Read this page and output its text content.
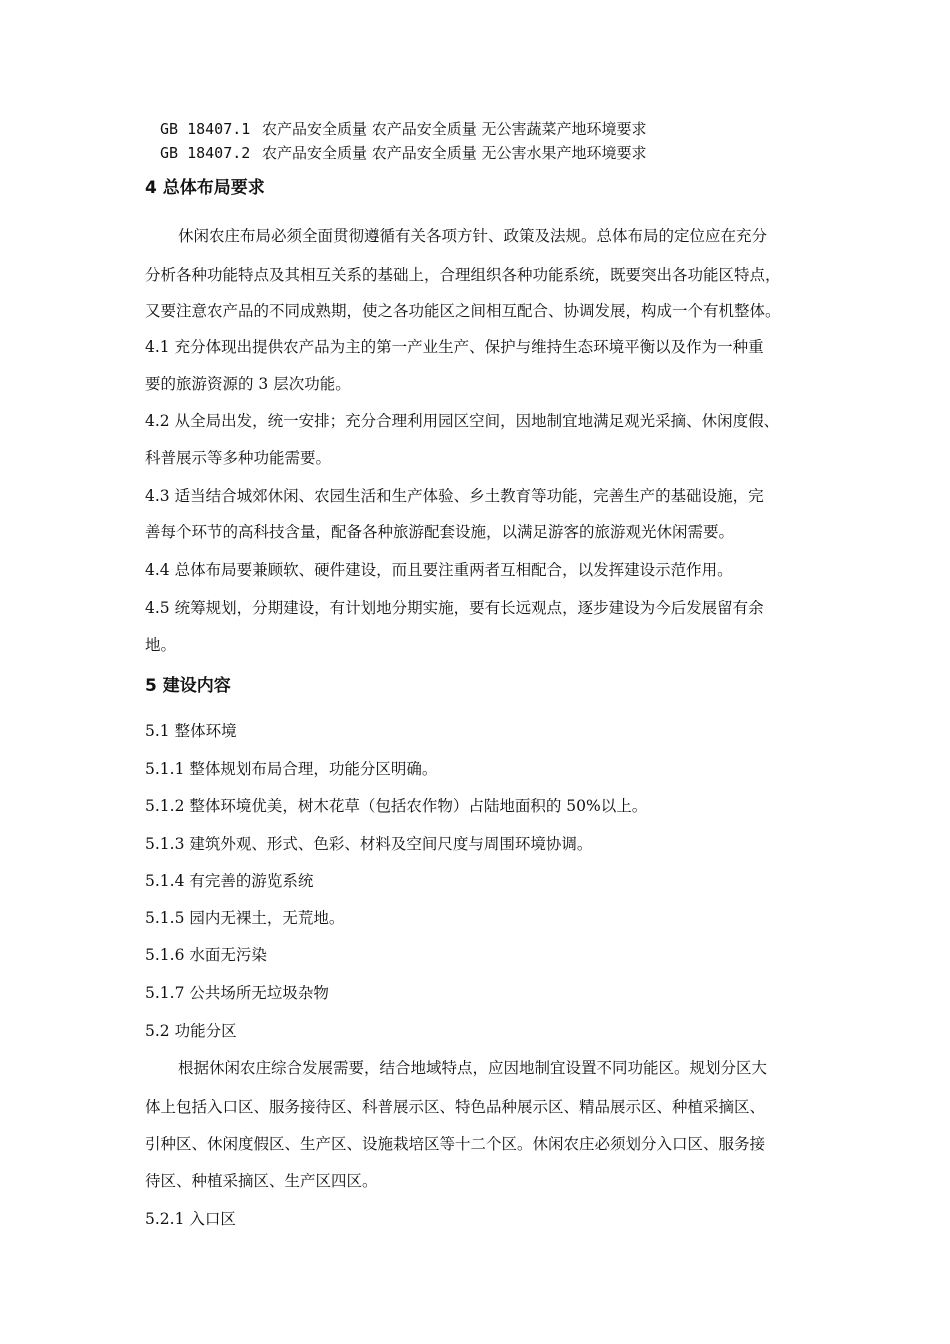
GB 18407.1 农产品安全质量 农产品安全质量 无公害蔬菜产地环境要求
GB 18407.2 农产品安全质量 农产品安全质量 无公害水果产地环境要求
4 总体布局要求
休闲农庄布局必须全面贯彻遵循有关各项方针、政策及法规。总体布局的定位应在充分
分析各种功能特点及其相互关系的基础上，合理组织各种功能系统，既要突出各功能区特点，
又要注意农产品的不同成熟期，使之各功能区之间相互配合、协调发展，构成一个有机整体。
4.1 充分体现出提供农产品为主的第一产业生产、保护与维持生态环境平衡以及作为一种重
要的旅游资源的 3 层次功能。
4.2 从全局出发，统一安排；充分合理利用园区空间，因地制宜地满足观光采摘、休闲度假、
科普展示等多种功能需要。
4.3 适当结合城郊休闲、农园生活和生产体验、乡土教育等功能，完善生产的基础设施，完
善每个环节的高科技含量，配备各种旅游配套设施，以满足游客的旅游观光休闲需要。
4.4 总体布局要兼顾软、硬件建设，而且要注重两者互相配合，以发挥建设示范作用。
4.5 统筹规划，分期建设，有计划地分期实施，要有长远观点，逐步建设为今后发展留有余
地。
5 建设内容
5.1 整体环境
5.1.1 整体规划布局合理，功能分区明确。
5.1.2 整体环境优美，树木花草（包括农作物）占陆地面积的 50%以上。
5.1.3 建筑外观、形式、色彩、材料及空间尺度与周围环境协调。
5.1.4 有完善的游览系统
5.1.5 园内无裸土，无荒地。
5.1.6 水面无污染
5.1.7 公共场所无垃圾杂物
5.2 功能分区
根据休闲农庄综合发展需要，结合地域特点，应因地制宜设置不同功能区。规划分区大
体上包括入口区、服务接待区、科普展示区、特色品种展示区、精品展示区、种植采摘区、
引种区、休闲度假区、生产区、设施栽培区等十二个区。休闲农庄必须划分入口区、服务接
待区、种植采摘区、生产区四区。
5.2.1 入口区
